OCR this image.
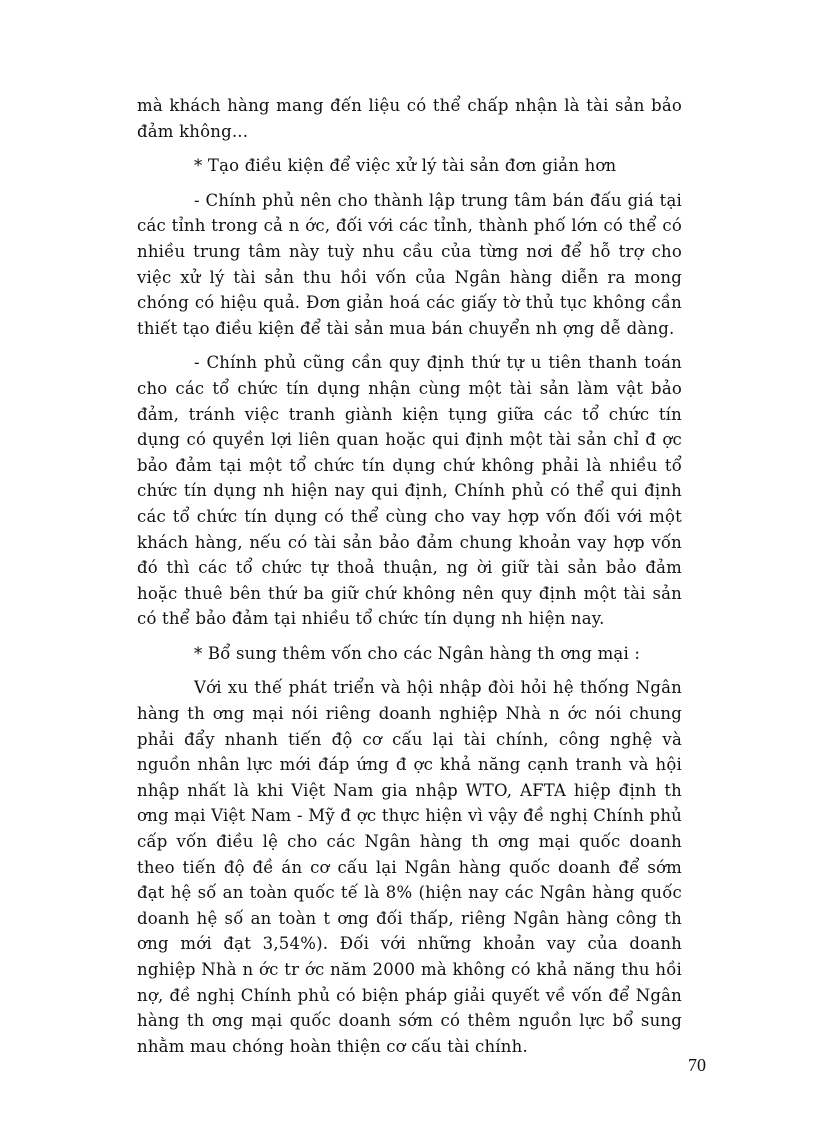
mà khách hàng mang đến liệu có thể chấp nhận là tài sản bảo đảm không...

* Tạo điều kiện để việc xử lý tài sản đơn giản hơn

- Chính phủ nên cho thành lập trung tâm bán đấu giá tại các tỉnh trong cả n ớc, đối với các tỉnh, thành phố lớn có thể có nhiều trung tâm này tuỳ nhu cầu của từng nơi để hỗ trợ cho việc xử lý tài sản thu hồi vốn của Ngân hàng diễn ra mong chóng có hiệu quả. Đơn giản hoá các giấy tờ thủ tục không cần thiết tạo điều kiện để tài sản mua bán chuyển nh ợng dễ dàng.

- Chính phủ cũng cần quy định thứ tự u tiên thanh toán cho các tổ chức tín dụng nhận cùng một tài sản làm vật bảo đảm, tránh việc tranh giành kiện tụng giữa các tổ chức tín dụng có quyền lợi liên quan hoặc qui định một tài sản chỉ đ ợc bảo đảm tại một tổ chức tín dụng chứ không phải là nhiều tổ chức tín dụng nh hiện nay qui định, Chính phủ có thể qui định các tổ chức tín dụng có thể cùng cho vay hợp vốn đối với một khách hàng, nếu có tài sản bảo đảm chung khoản vay hợp vốn đó thì các tổ chức tự thoả thuận, ng ời giữ tài sản bảo đảm hoặc thuê bên thứ ba giữ chứ không nên quy định một tài sản có thể bảo đảm tại nhiều tổ chức tín dụng nh hiện nay.

* Bổ sung thêm vốn cho các Ngân hàng th ơng mại :

Với xu thế phát triển và hội nhập đòi hỏi hệ thống Ngân hàng th ơng mại nói riêng doanh nghiệp Nhà n ớc nói chung phải đẩy nhanh tiến độ cơ cấu lại tài chính, công nghệ và nguồn nhân lực mới đáp ứng đ ợc khả năng cạnh tranh và hội nhập nhất là khi Việt Nam gia nhập WTO, AFTA hiệp định th ơng mại Việt Nam - Mỹ đ ợc thực hiện vì vậy đề nghị Chính phủ cấp vốn điều lệ cho các Ngân hàng th ơng mại quốc doanh theo tiến độ đề án cơ cấu lại Ngân hàng quốc doanh để sớm đạt hệ số an toàn quốc tế là 8% (hiện nay các Ngân hàng quốc doanh hệ số an toàn t ơng đối thấp, riêng Ngân hàng công th ơng mới đạt 3,54%). Đối với những khoản vay của doanh nghiệp Nhà n ớc tr ớc năm 2000 mà không có khả năng thu hồi nợ, đề nghị Chính phủ có biện pháp giải quyết về vốn để Ngân hàng th ơng mại quốc doanh sớm có thêm nguồn lực bổ sung nhằm mau chóng hoàn thiện cơ cấu tài chính.

70
